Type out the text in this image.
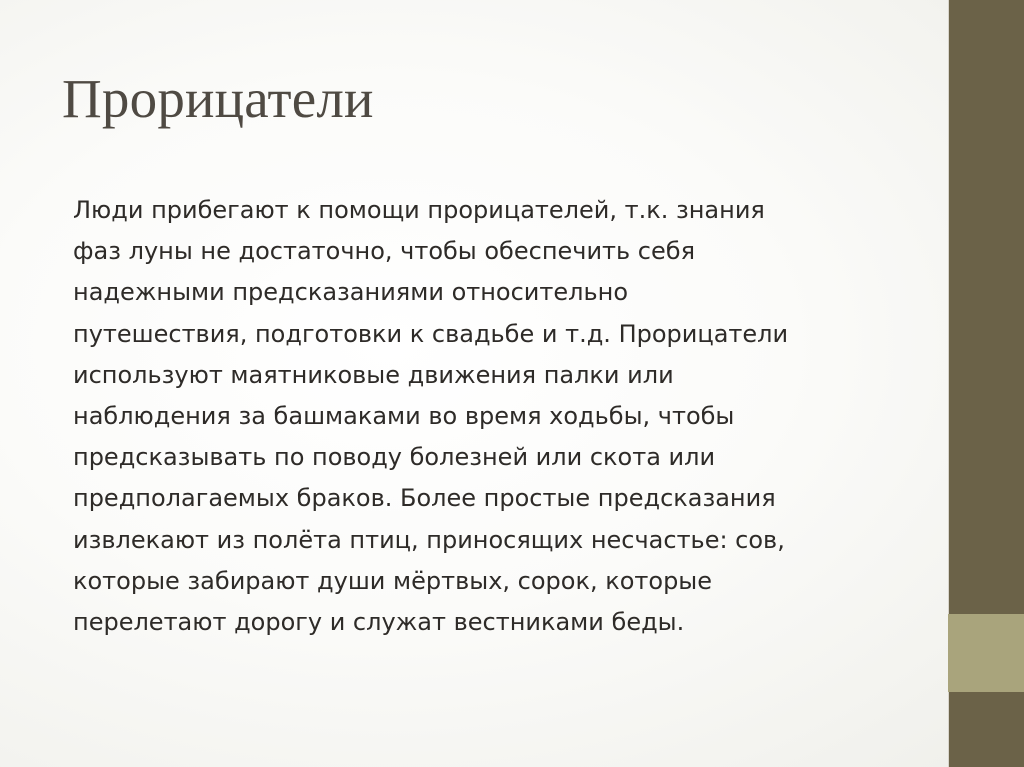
Прорицатели

Люди прибегают к помощи прорицателей, т.к. знания
фаз луны не достаточно, чтобы обеспечить себя
надежными предсказаниями относительно
путешествия, подготовки к свадьбе и т.д. Прорицатели
используют маятниковые движения палки или
наблюдения за башмаками во время ходьбы, чтобы
предсказывать по поводу болезней или скота или
предполагаемых браков. Более простые предсказания
извлекают из полёта птиц, приносящих несчастье: сов,
которые забирают души мёртвых, сорок, которые
перелетают дорогу и служат вестниками беды.
